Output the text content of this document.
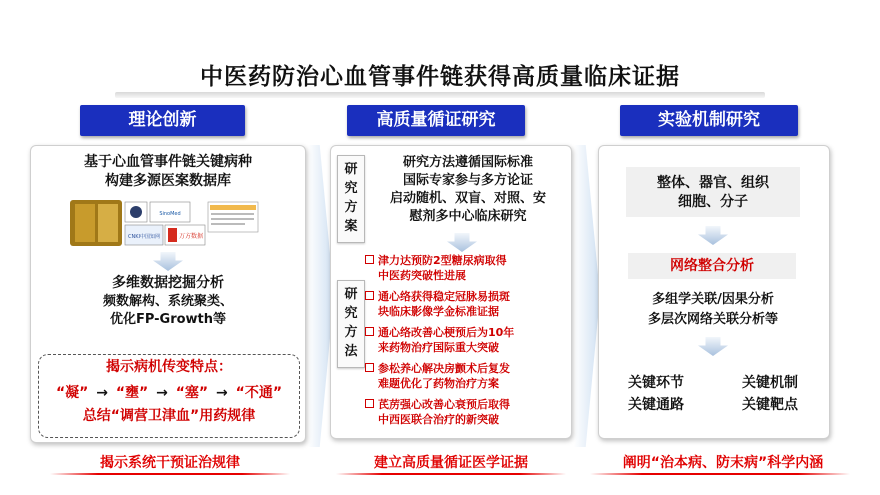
中医药防治心血管事件链获得高质量临床证据
理论创新	高质量循证研究	实验机制研究
基于心血管事件链关键病种
构建多源医案数据库
SinoMed
CNKI中国知网	万方数据
多维数据挖掘分析
频数解构、系统聚类、
优化FP-Growth等
揭示病机传变特点：
“凝” → “壅” → “塞” → “不通”
总结“调营卫津血”用药规律
研
究
方
案
研
究
方
法
研究方法遵循国际标准
国际专家参与多方论证
启动随机、双盲、对照、安
慰剂多中心临床研究
津力达预防2型糖尿病取得
中医药突破性进展
通心络获得稳定冠脉易损斑
块临床影像学金标准证据
通心络改善心梗预后为10年
来药物治疗国际重大突破
参松养心解决房颤术后复发
难题优化了药物治疗方案
芪苈强心改善心衰预后取得
中西医联合治疗的新突破
整体、器官、组织
细胞、分子
网络整合分析
多组学关联/因果分析
多层次网络关联分析等
关键环节	关键机制
关键通路	关键靶点
揭示系统干预证治规律	建立高质量循证医学证据	阐明“治本病、防末病”科学内涵
